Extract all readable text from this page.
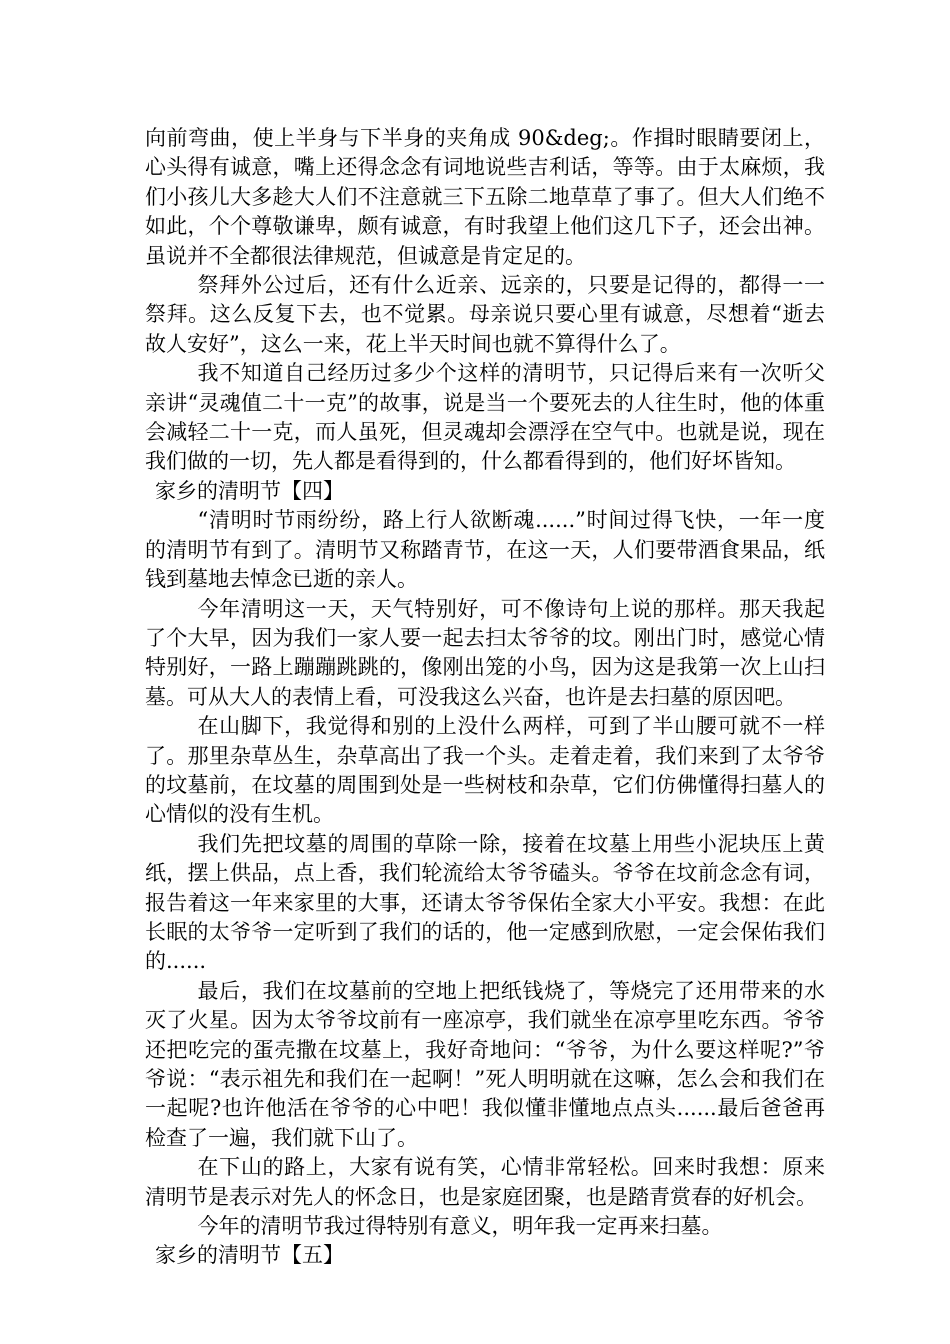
向前弯曲，使上半身与下半身的夹角成 90&deg;。作揖时眼睛要闭上，心头得有诚意，嘴上还得念念有词地说些吉利话，等等。由于太麻烦，我们小孩儿大多趁大人们不注意就三下五除二地草草了事了。但大人们绝不如此，个个尊敬谦卑，颇有诚意，有时我望上他们这几下子，还会出神。虽说并不全都很法律规范，但诚意是肯定足的。

祭拜外公过后，还有什么近亲、远亲的，只要是记得的，都得一一祭拜。这么反复下去，也不觉累。母亲说只要心里有诚意，尽想着“逝去故人安好”，这么一来，花上半天时间也就不算得什么了。

我不知道自己经历过多少个这样的清明节，只记得后来有一次听父亲讲“灵魂值二十一克”的故事，说是当一个要死去的人往生时，他的体重会减轻二十一克，而人虽死，但灵魂却会漂浮在空气中。也就是说，现在我们做的一切，先人都是看得到的，什么都看得到的，他们好坏皆知。

家乡的清明节【四】

“清明时节雨纷纷，路上行人欲断魂......”时间过得飞快，一年一度的清明节有到了。清明节又称踏青节，在这一天，人们要带酒食果品，纸钱到墓地去悼念已逝的亲人。

今年清明这一天，天气特别好，可不像诗句上说的那样。那天我起了个大早，因为我们一家人要一起去扫太爷爷的坟。刚出门时，感觉心情特别好，一路上蹦蹦跳跳的，像刚出笼的小鸟，因为这是我第一次上山扫墓。可从大人的表情上看，可没我这么兴奋，也许是去扫墓的原因吧。

在山脚下，我觉得和别的上没什么两样，可到了半山腰可就不一样了。那里杂草丛生，杂草高出了我一个头。走着走着，我们来到了太爷爷的坟墓前，在坟墓的周围到处是一些树枝和杂草，它们仿佛懂得扫墓人的心情似的没有生机。

我们先把坟墓的周围的草除一除，接着在坟墓上用些小泥块压上黄纸，摆上供品，点上香，我们轮流给太爷爷磕头。爷爷在坟前念念有词，报告着这一年来家里的大事，还请太爷爷保佑全家大小平安。我想：在此长眠的太爷爷一定听到了我们的话的，他一定感到欣慰，一定会保佑我们的......

最后，我们在坟墓前的空地上把纸钱烧了，等烧完了还用带来的水灭了火星。因为太爷爷坟前有一座凉亭，我们就坐在凉亭里吃东西。爷爷还把吃完的蛋壳撒在坟墓上，我好奇地问：“爷爷，为什么要这样呢?”爷爷说：“表示祖先和我们在一起啊！”死人明明就在这嘛，怎么会和我们在一起呢?也许他活在爷爷的心中吧！我似懂非懂地点点头......最后爸爸再检查了一遍，我们就下山了。

在下山的路上，大家有说有笑，心情非常轻松。回来时我想：原来清明节是表示对先人的怀念日，也是家庭团聚，也是踏青赏春的好机会。

今年的清明节我过得特别有意义，明年我一定再来扫墓。

家乡的清明节【五】
